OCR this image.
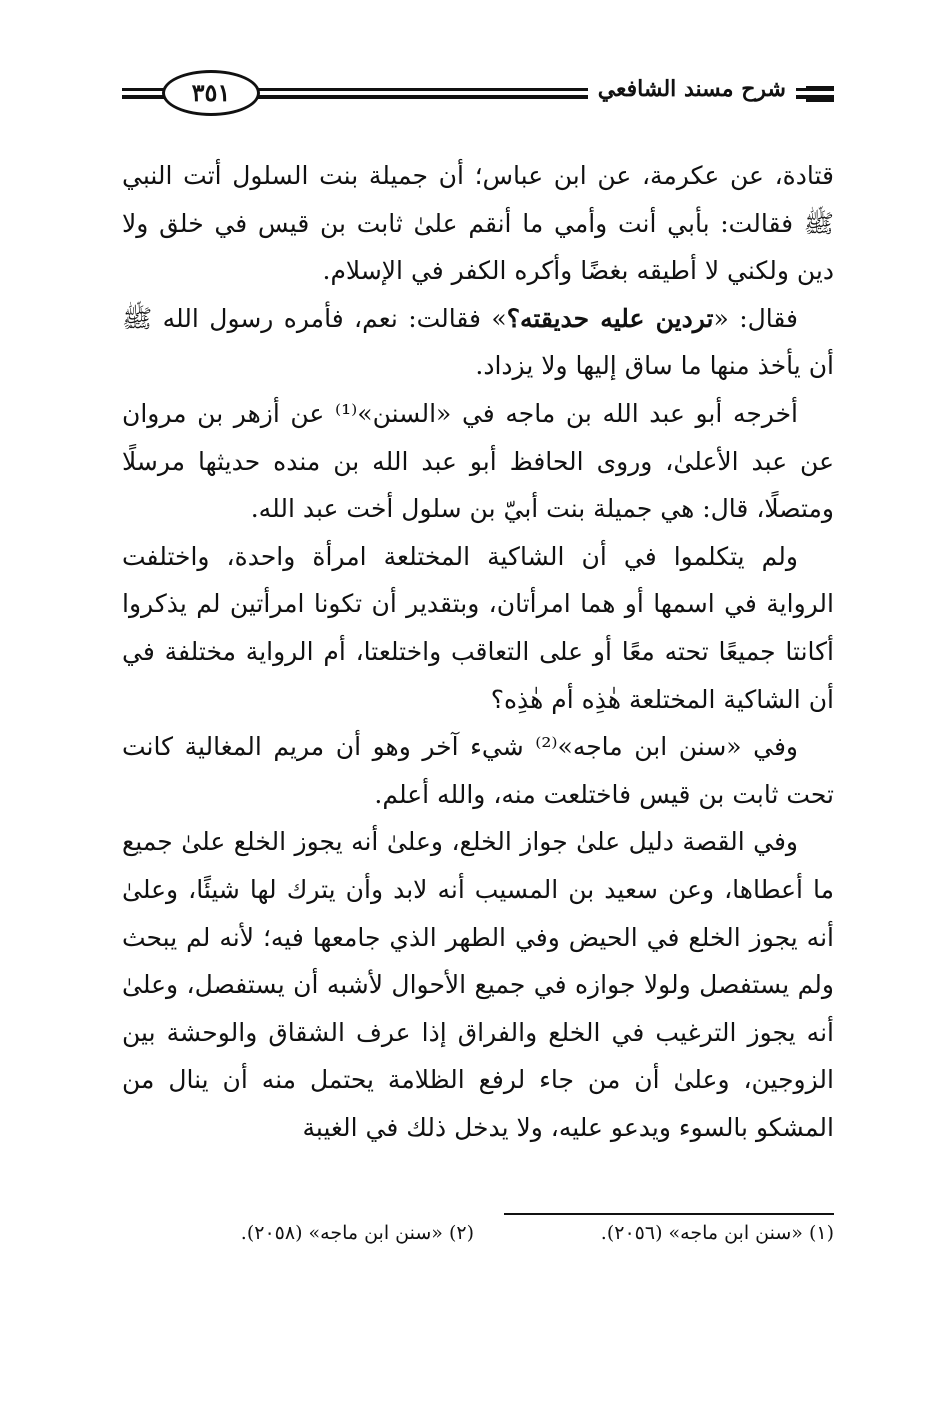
شرح مسند الشافعي
٣٥١

قتادة، عن عكرمة، عن ابن عباس؛ أن جميلة بنت السلول أتت النبي ﷺ فقالت: بأبي أنت وأمي ما أنقم علىٰ ثابت بن قيس في خلق ولا دين ولكني لا أطيقه بغضًا وأكره الكفر في الإسلام.

فقال: «تردين عليه حديقته؟» فقالت: نعم، فأمره رسول الله ﷺ أن يأخذ منها ما ساق إليها ولا يزداد.

أخرجه أبو عبد الله بن ماجه في «السنن»⁽¹⁾ عن أزهر بن مروان عن عبد الأعلىٰ، وروى الحافظ أبو عبد الله بن منده حديثها مرسلًا ومتصلًا، قال: هي جميلة بنت أبيّ بن سلول أخت عبد الله.

ولم يتكلموا في أن الشاكية المختلعة امرأة واحدة، واختلفت الرواية في اسمها أو هما امرأتان، وبتقدير أن تكونا امرأتين لم يذكروا أكانتا جميعًا تحته معًا أو على التعاقب واختلعتا، أم الرواية مختلفة في أن الشاكية المختلعة هٰذِه أم هٰذِه؟

وفي «سنن ابن ماجه»⁽²⁾ شيء آخر وهو أن مريم المغالية كانت تحت ثابت بن قيس فاختلعت منه، والله أعلم.

وفي القصة دليل علىٰ جواز الخلع، وعلىٰ أنه يجوز الخلع علىٰ جميع ما أعطاها، وعن سعيد بن المسيب أنه لابد وأن يترك لها شيئًا، وعلىٰ أنه يجوز الخلع في الحيض وفي الطهر الذي جامعها فيه؛ لأنه لم يبحث ولم يستفصل ولولا جوازه في جميع الأحوال لأشبه أن يستفصل، وعلىٰ أنه يجوز الترغيب في الخلع والفراق إذا عرف الشقاق والوحشة بين الزوجين، وعلىٰ أن من جاء لرفع الظلامة يحتمل منه أن ينال من المشكو بالسوء ويدعو عليه، ولا يدخل ذلك في الغيبة

(١) «سنن ابن ماجه» (٢٠٥٦).
(٢) «سنن ابن ماجه» (٢٠٥٨).
